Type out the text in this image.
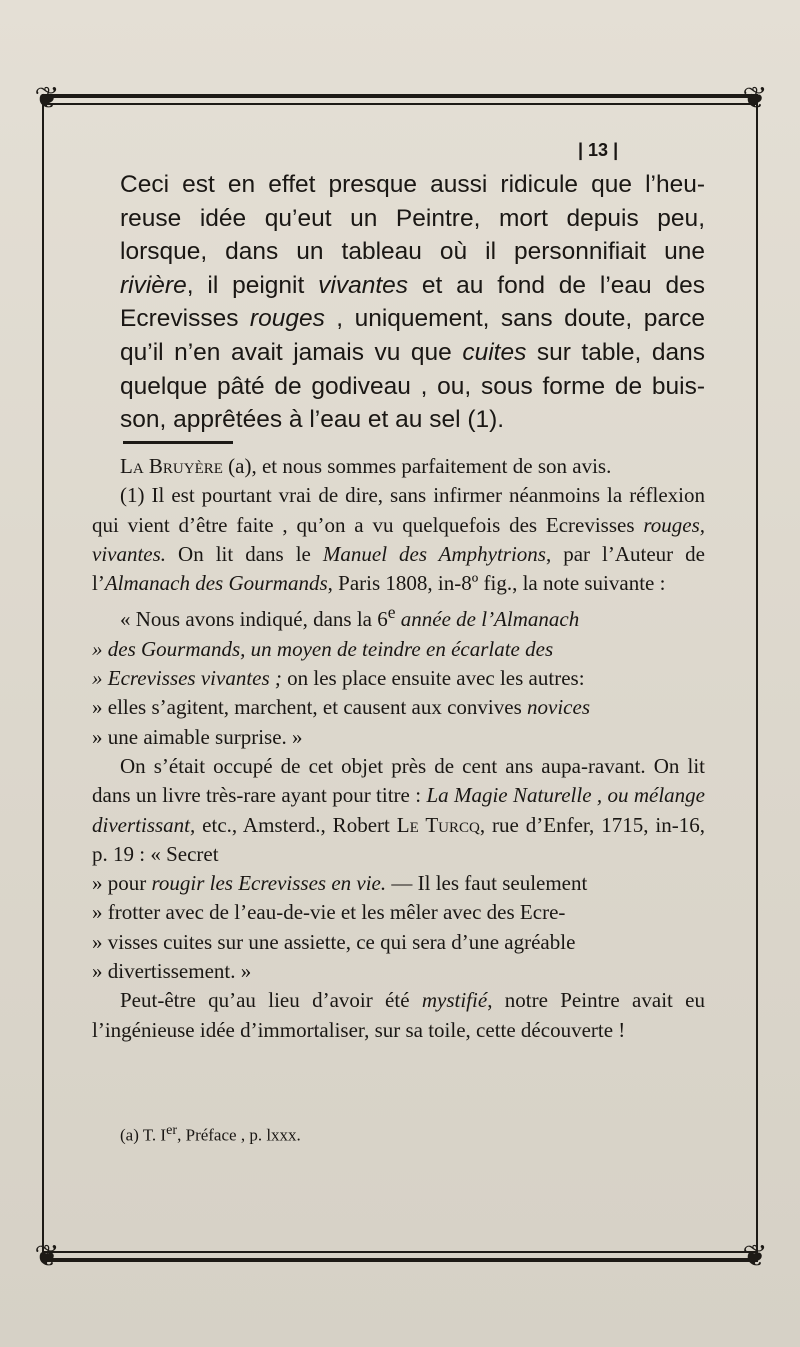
❦	❦
❦	❦
| 13 |

Ceci est en effet presque aussi ridicule que l’heu-reuse idée qu’eut un Peintre, mort depuis peu, lorsque, dans un tableau où il personnifiait une rivière, il peignit vivantes et au fond de l’eau des Ecrevisses rouges , uniquement, sans doute, parce qu’il n’en avait jamais vu que cuites sur table, dans quelque pâté de godiveau , ou, sous forme de buis-son, apprêtées à l’eau et au sel (1).

La Bruyère (a), et nous sommes parfaitement de son avis.

(1) Il est pourtant vrai de dire, sans infirmer néanmoins la réflexion qui vient d’être faite , qu’on a vu quelquefois des Ecrevisses rouges, vivantes. On lit dans le Manuel des Amphytrions, par l’Auteur de l’Almanach des Gourmands, Paris 1808, in-8º fig., la note suivante :

« Nous avons indiqué, dans la 6e année de l’Almanach
» des Gourmands, un moyen de teindre en écarlate des
» Ecrevisses vivantes ; on les place ensuite avec les autres:
» elles s’agitent, marchent, et causent aux convives novices
» une aimable surprise. »

On s’était occupé de cet objet près de cent ans aupa-ravant. On lit dans un livre très-rare ayant pour titre : La Magie Naturelle , ou mélange divertissant, etc., Amsterd., Robert Le Turcq, rue d’Enfer, 1715, in-16, p. 19 : « Secret
» pour rougir les Ecrevisses en vie. — Il les faut seulement
» frotter avec de l’eau-de-vie et les mêler avec des Ecre-
» visses cuites sur une assiette, ce qui sera d’une agréable
» divertissement. »

Peut-être qu’au lieu d’avoir été mystifié, notre Peintre avait eu l’ingénieuse idée d’immortaliser, sur sa toile, cette découverte !

(a) T. Ier, Préface , p. lxxx.
